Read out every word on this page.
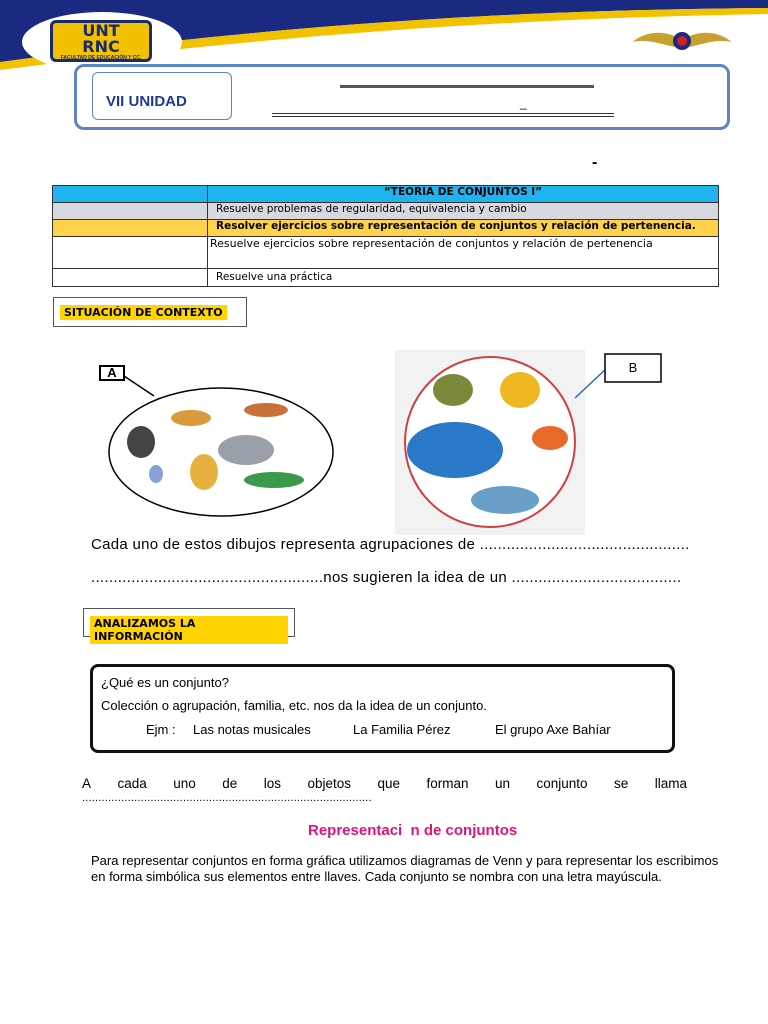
UNT
RNC
FACULTAD DE EDUCACIÓN Y CC.
VII UNIDAD	_
-
	“TEORIA DE CONJUNTOS I”
	Resuelve problemas de regularidad, equivalencia y cambio
	Resolver ejercicios sobre representación de conjuntos y relación de pertenencia.
	Resuelve ejercicios sobre representación de conjuntos y relación de pertenencia
	Resuelve una práctica
SITUACIÓN DE CONTEXTO
A	B
Cada uno de estos dibujos representa agrupaciones de ...............................................
....................................................nos sugieren la idea de un ......................................
ANALIZAMOS LA INFORMACIÓN
¿Qué es un conjunto?
Colección o agrupación, familia, etc. nos da la idea de un conjunto.
Ejm : Las notas musicales	La Familia Pérez	El grupo Axe Bahíar
A cada uno de los objetos que forman un conjunto se llama
.........................................................................................
Representaci  n de conjuntos
Para representar conjuntos en forma gráfica utilizamos diagramas de Venn y para representar los escribimos en forma simbólica sus elementos entre llaves. Cada conjunto se nombra con una letra mayúscula.
